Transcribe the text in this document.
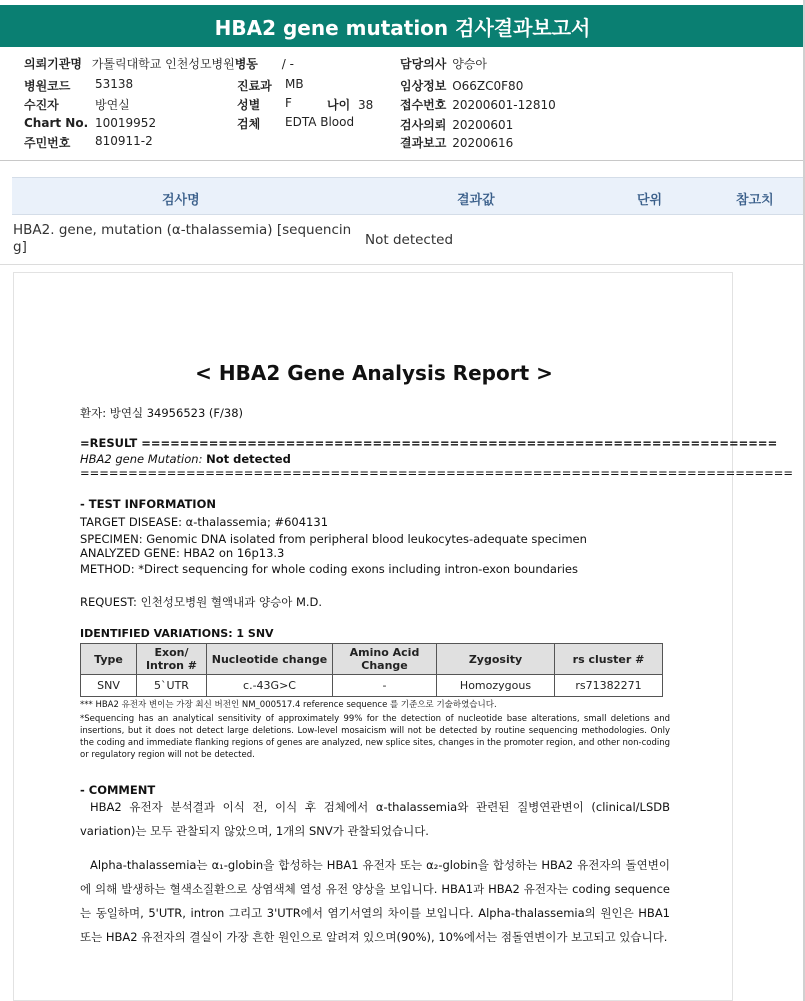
HBA2 gene mutation 검사결과보고서
의뢰기관명 가톨릭대학교 인천성모병원병동 / -	담당의사 양승아
병원코드 53138	진료과 MB	임상정보 O66ZC0F80
수진자	방연실	성별 F	나이 38 접수번호 20200601-12810
Chart No. 10019952	검체 EDTA Blood	검사의뢰 20200601
주민번호 810911-2	결과보고 20200616
검사명	결과값	단위	참고치
HBA2. gene, mutation (α-thalassemia) [sequencing]	Not detected
< HBA2 Gene Analysis Report >
환자: 방연실 34956523 (F/38)
=RESULT ==================================================================
HBA2 gene Mutation: Not detected
==========================================================================
- TEST INFORMATION
TARGET DISEASE: α-thalassemia; #604131
SPECIMEN: Genomic DNA isolated from peripheral blood leukocytes-adequate specimen
ANALYZED GENE: HBA2 on 16p13.3
METHOD: *Direct sequencing for whole coding exons including intron-exon boundaries
REQUEST: 인천성모병원 혈액내과 양승아 M.D.
IDENTIFIED VARIATIONS: 1 SNV
Type	Exon/ Intron #	Nucleotide change	Amino Acid Change	Zygosity	rs cluster #
SNV	5`UTR	c.-43G>C	-	Homozygous	rs71382271
*** HBA2 유전자 변이는 가장 최신 버전인 NM_000517.4 reference sequence 를 기준으로 기술하였습니다.
*Sequencing has an analytical sensitivity of approximately 99% for the detection of nucleotide base alterations, small deletions and insertions, but it does not detect large deletions. Low-level mosaicism will not be detected by routine sequencing methodologies. Only the coding and immediate flanking regions of genes are analyzed, new splice sites, changes in the promoter region, and other non-coding or regulatory region will not be detected.
- COMMENT
HBA2 유전자 분석결과 이식 전, 이식 후 검체에서 α-thalassemia와 관련된 질병연관변이 (clinical/LSDB variation)는 모두 관찰되지 않았으며, 1개의 SNV가 관찰되었습니다.
Alpha-thalassemia는 α₁-globin을 합성하는 HBA1 유전자 또는 α₂-globin을 합성하는 HBA2 유전자의 돌연변이에 의해 발생하는 혈색소질환으로 상염색체 열성 유전 양상을 보입니다. HBA1과 HBA2 유전자는 coding sequence는 동일하며, 5'UTR, intron 그리고 3'UTR에서 염기서열의 차이를 보입니다. Alpha-thalassemia의 원인은 HBA1 또는 HBA2 유전자의 결실이 가장 흔한 원인으로 알려져 있으며(90%), 10%에서는 점돌연변이가 보고되고 있습니다.
